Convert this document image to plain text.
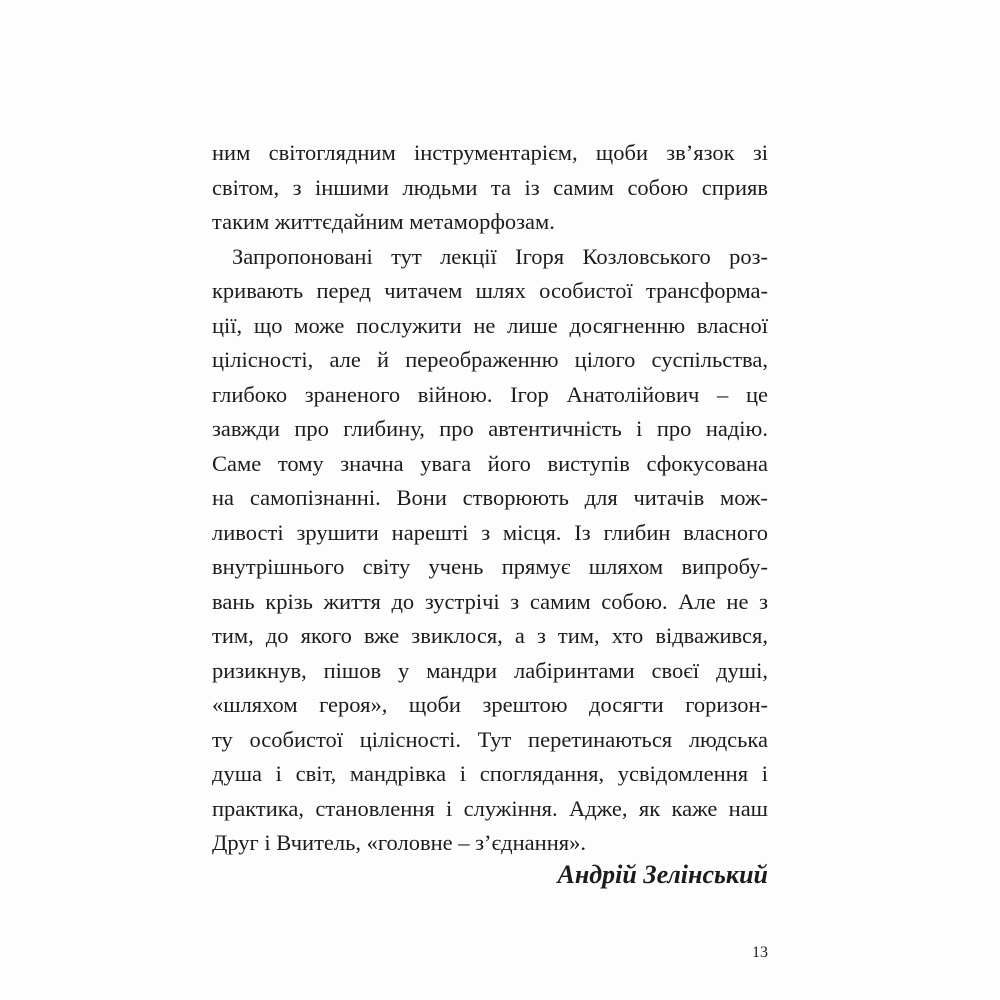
ним світоглядним інструментарієм, щоби зв’язок зі
світом, з іншими людьми та із самим собою сприяв
таким життєдайним метаморфозам.
Запропоновані тут лекції Ігоря Козловського роз-
кривають перед читачем шлях особистої трансформа-
ції, що може послужити не лише досягненню власної
цілісності, але й переображенню цілого суспільства,
глибоко зраненого війною. Ігор Анатолійович – це
завжди про глибину, про автентичність і про надію.
Саме тому значна увага його виступів сфокусована
на самопізнанні. Вони створюють для читачів мож-
ливості зрушити нарешті з місця. Із глибин власного
внутрішнього світу учень прямує шляхом випробу-
вань крізь життя до зустрічі з самим собою. Але не з
тим, до якого вже звиклося, а з тим, хто відважився,
ризикнув, пішов у мандри лабіринтами своєї душі,
«шляхом героя», щоби зрештою досягти горизон-
ту особистої цілісності. Тут перетинаються людська
душа і світ, мандрівка і споглядання, усвідомлення і
практика, становлення і служіння. Адже, як каже наш
Друг і Вчитель, «головне – з’єднання».
Андрій Зелінський
13
